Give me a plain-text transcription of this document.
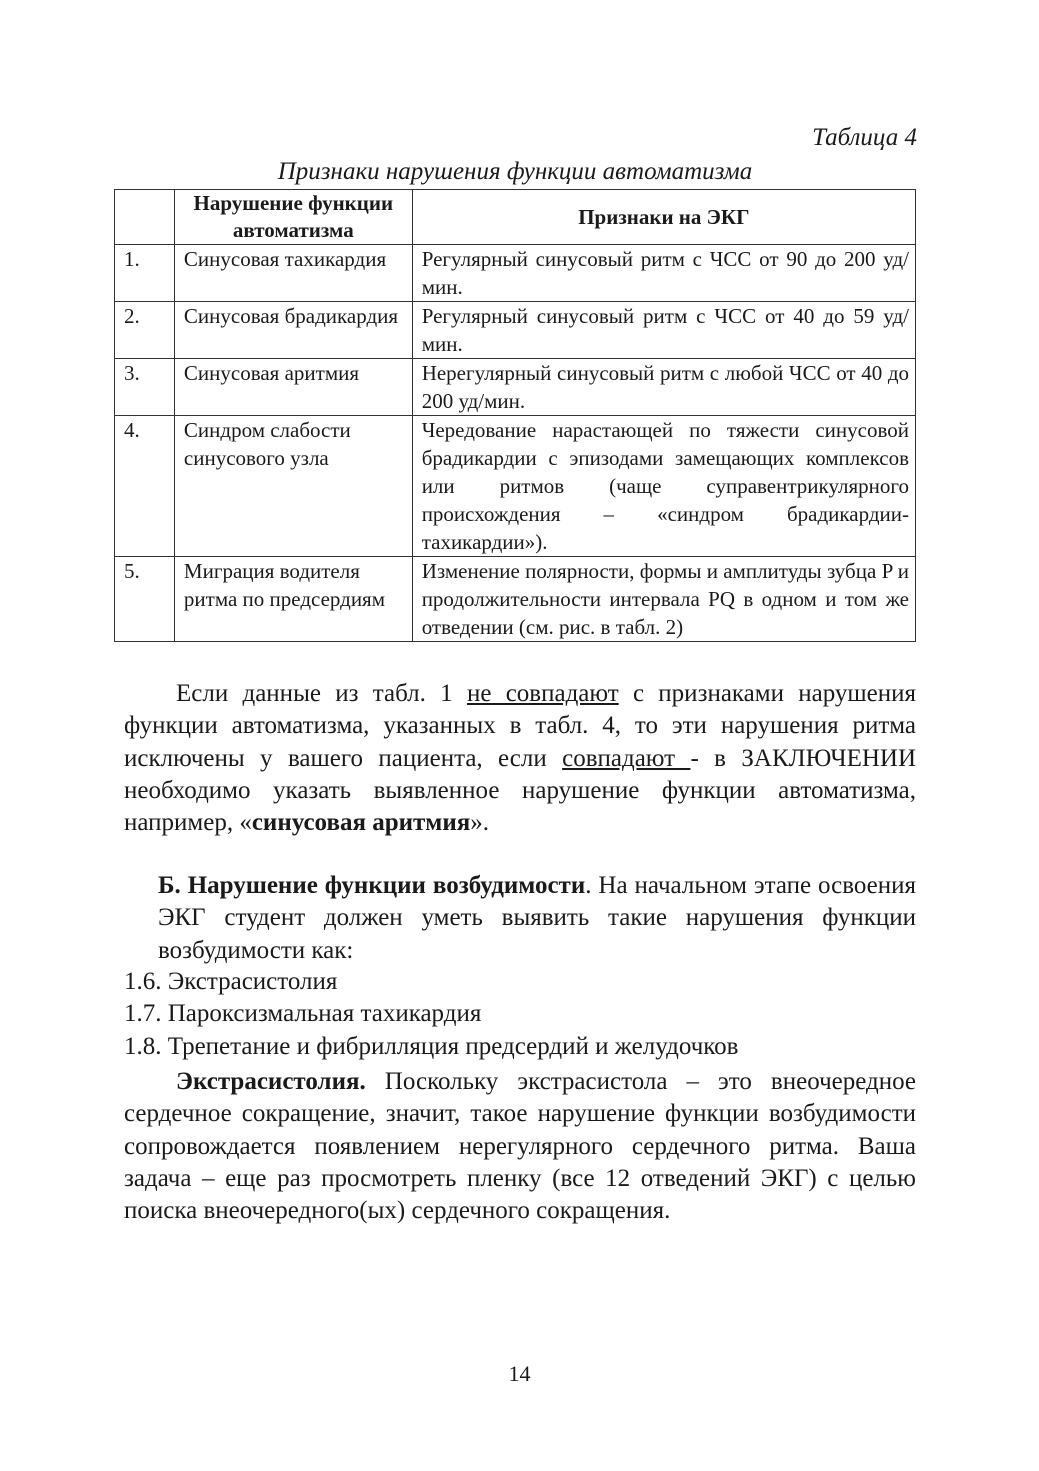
Таблица 4
Признаки нарушения функции автоматизма
	Нарушение функции автоматизма	Признаки на ЭКГ
1.	Синусовая тахикардия	Регулярный синусовый ритм с ЧСС от 90 до 200 уд/мин.
2.	Синусовая брадикардия	Регулярный синусовый ритм с ЧСС от 40 до 59 уд/мин.
3.	Синусовая аритмия	Нерегулярный синусовый ритм с любой ЧСС от 40 до 200 уд/мин.
4.	Синдром слабости синусового узла	Чередование нарастающей по тяжести синусовой брадикардии с эпизодами замещающих комплексов или ритмов (чаще суправентрикулярного происхождения – «синдром брадикардии-тахикардии»).
5.	Миграция водителя ритма по предсердиям	Изменение полярности, формы и амплитуды зубца P и продолжительности интервала PQ в одном и том же отведении (см. рис. в табл. 2)

Если данные из табл. 1 не совпадают с признаками нарушения функции автоматизма, указанных в табл. 4, то эти нарушения ритма исключены у вашего пациента, если совпадают - в ЗАКЛЮЧЕНИИ необходимо указать выявленное нарушение функции автоматизма, например, «синусовая аритмия».

Б. Нарушение функции возбудимости. На начальном этапе освоения ЭКГ студент должен уметь выявить такие нарушения функции возбудимости как:

1.6. Экстрасистолия
1.7. Пароксизмальная тахикардия
1.8. Трепетание и фибрилляция предсердий и желудочков

Экстрасистолия. Поскольку экстрасистола – это внеочередное сердечное сокращение, значит, такое нарушение функции возбудимости сопровождается появлением нерегулярного сердечного ритма. Ваша задача – еще раз просмотреть пленку (все 12 отведений ЭКГ) с целью поиска внеочередного(ых) сердечного сокращения.

14
